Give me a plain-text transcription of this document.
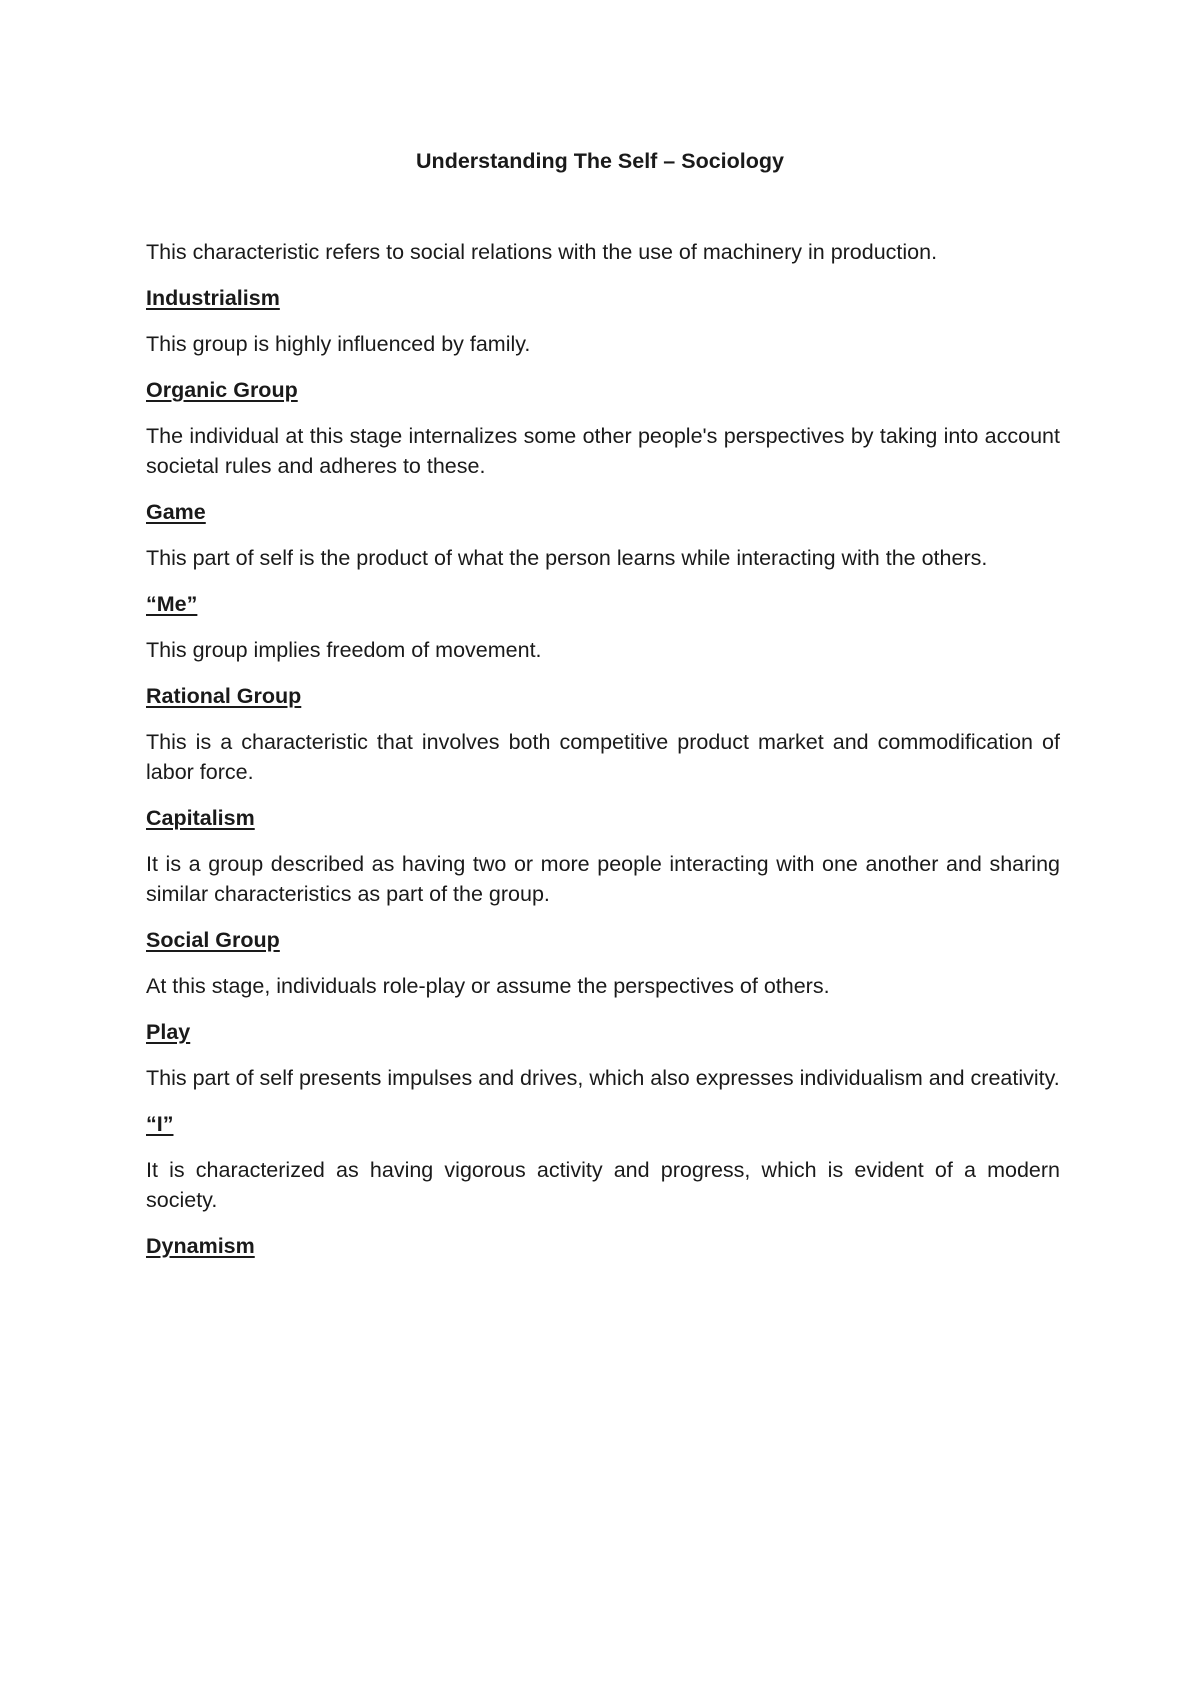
Understanding The Self – Sociology

This characteristic refers to social relations with the use of machinery in production.

Industrialism

This group is highly influenced by family.

Organic Group

The individual at this stage internalizes some other people's perspectives by taking into account societal rules and adheres to these.

Game

This part of self is the product of what the person learns while interacting with the others.

“Me”

This group implies freedom of movement.

Rational Group

This is a characteristic that involves both competitive product market and commodification of labor force.

Capitalism

It is a group described as having two or more people interacting with one another and sharing similar characteristics as part of the group.

Social Group

At this stage, individuals role-play or assume the perspectives of others.

Play

This part of self presents impulses and drives, which also expresses individualism and creativity.

“I”

It is characterized as having vigorous activity and progress, which is evident of a modern society.

Dynamism
